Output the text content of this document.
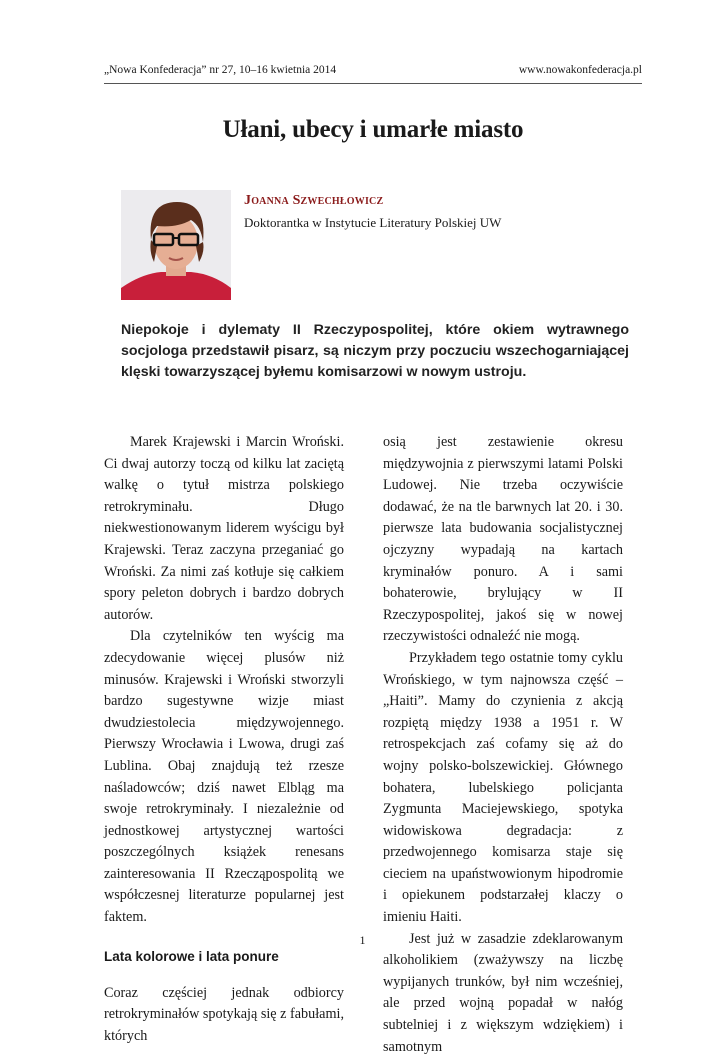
„Nowa Konfederacja” nr 27, 10–16 kwietnia 2014	www.nowakonfederacja.pl
Ułani, ubecy i umarłe miasto
Joanna Szwechłowicz
Doktorantka w Instytucie Literatury Polskiej UW
Niepokoje i dylematy II Rzeczypospolitej, które okiem wytrawnego socjologa przedstawił pisarz, są niczym przy poczuciu wszechogarniającej klęski towarzyszącej byłemu komisarzowi w nowym ustroju.

Marek Krajewski i Marcin Wroński. Ci dwaj autorzy toczą od kilku lat zaciętą walkę o tytuł mistrza polskiego retrokryminału. Długo niekwestionowanym liderem wyścigu był Krajewski. Teraz zaczyna przeganiać go Wroński. Za nimi zaś kotłuje się całkiem spory peleton dobrych i bardzo dobrych autorów.

Dla czytelników ten wyścig ma zdecydowanie więcej plusów niż minusów. Krajewski i Wroński stworzyli bardzo sugestywne wizje miast dwudziestolecia międzywojennego. Pierwszy Wrocławia i Lwowa, drugi zaś Lublina. Obaj znajdują też rzesze naśladowców; dziś nawet Elbląg ma swoje retrokryminały. I niezależnie od jednostkowej artystycznej wartości poszczególnych książek renesans zainteresowania II Rzecząpospolitą we współczesnej literaturze popularnej jest faktem.

Lata kolorowe i lata ponure

Coraz częściej jednak odbiorcy retrokryminałów spotykają się z fabułami, których

osią jest zestawienie okresu międzywojnia z pierwszymi latami Polski Ludowej. Nie trzeba oczywiście dodawać, że na tle barwnych lat 20. i 30. pierwsze lata budowania socjalistycznej ojczyzny wypadają na kartach kryminałów ponuro. A i sami bohaterowie, brylujący w II Rzeczypospolitej, jakoś się w nowej rzeczywistości odnaleźć nie mogą.

Przykładem tego ostatnie tomy cyklu Wrońskiego, w tym najnowsza część – „Haiti”. Mamy do czynienia z akcją rozpiętą między 1938 a 1951 r. W retrospekcjach zaś cofamy się aż do wojny polsko-bolszewickiej. Głównego bohatera, lubelskiego policjanta Zygmunta Maciejewskiego, spotyka widowiskowa degradacja: z przedwojennego komisarza staje się cieciem na upaństwowionym hipodromie i opiekunem podstarzałej klaczy o imieniu Haiti.

Jest już w zasadzie zdeklarowanym alkoholikiem (zważywszy na liczbę wypijanych trunków, był nim wcześniej, ale przed wojną popadał w nałóg subtelniej i z większym wdziękiem) i samotnym

1
